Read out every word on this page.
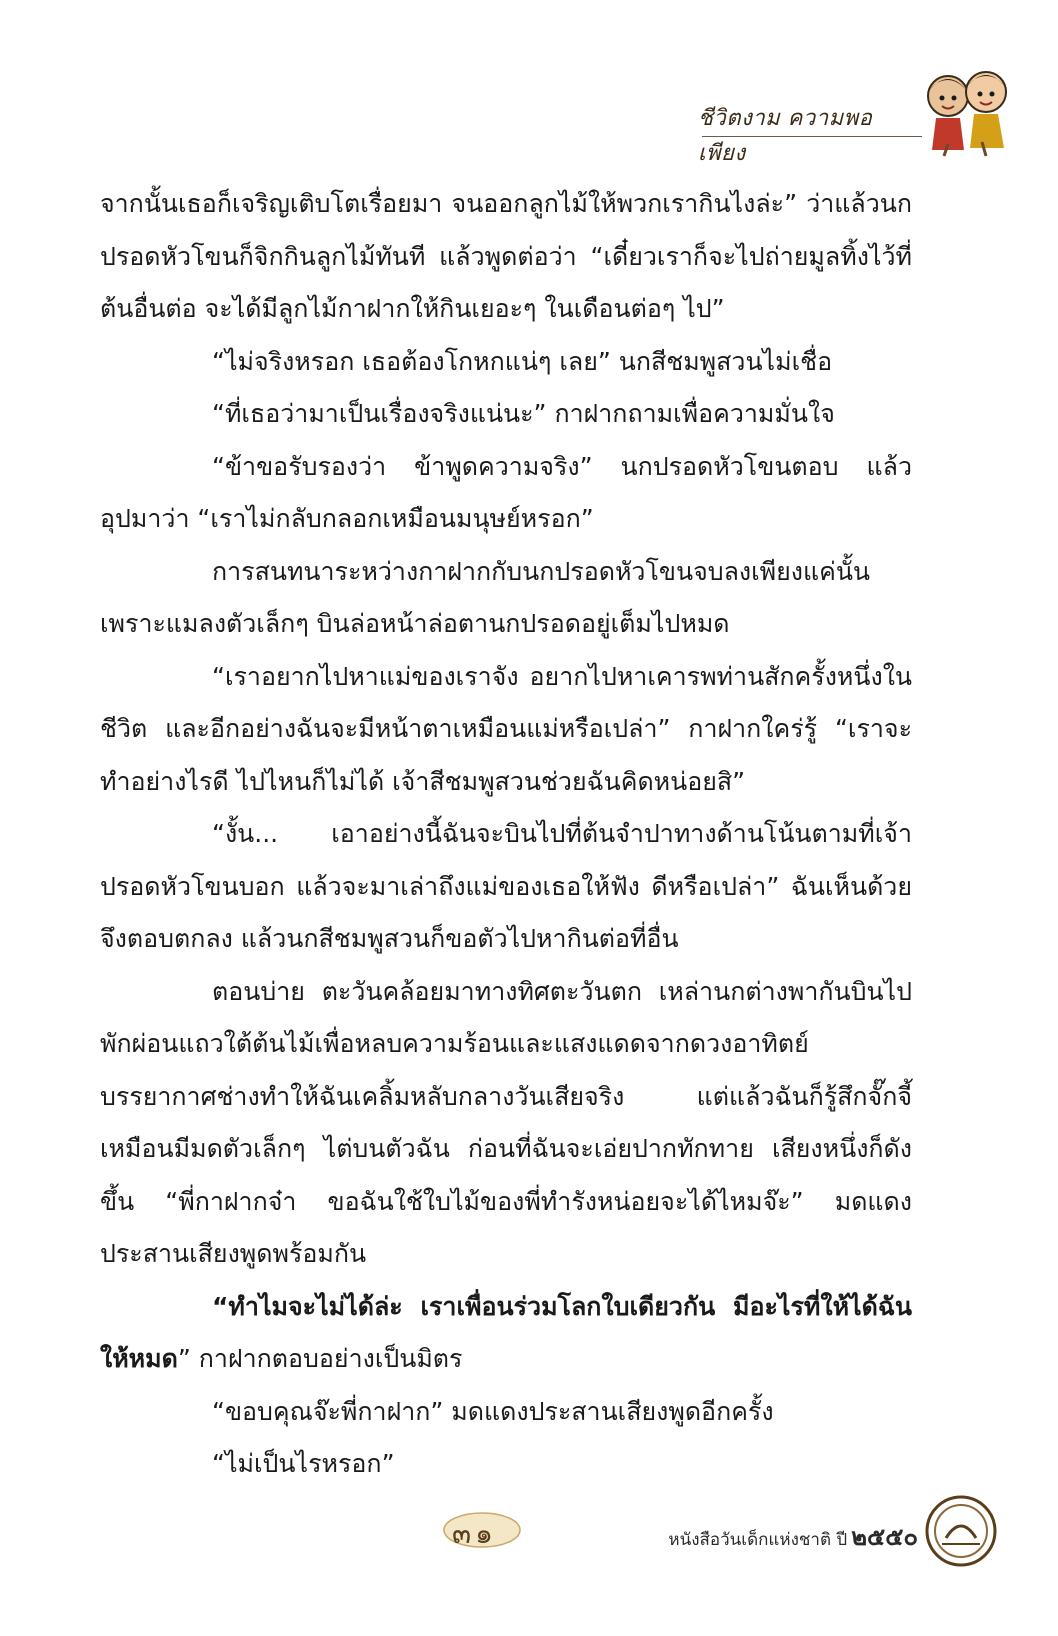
ชีวิตงาม ความพอเพียง

จากนั้นเธอก็เจริญเติบโตเรื่อยมา จนออกลูกไม้ให้พวกเรากินไงล่ะ” ว่าแล้วนกปรอดหัวโขนก็จิกกินลูกไม้ทันที แล้วพูดต่อว่า “เดี๋ยวเราก็จะไปถ่ายมูลทิ้งไว้ที่ต้นอื่นต่อ จะได้มีลูกไม้กาฝากให้กินเยอะๆ ในเดือนต่อๆ ไป”

“ไม่จริงหรอก เธอต้องโกหกแน่ๆ เลย” นกสีชมพูสวนไม่เชื่อ

“ที่เธอว่ามาเป็นเรื่องจริงแน่นะ” กาฝากถามเพื่อความมั่นใจ

“ข้าขอรับรองว่า ข้าพูดความจริง” นกปรอดหัวโขนตอบ แล้วอุปมาว่า “เราไม่กลับกลอกเหมือนมนุษย์หรอก”

การสนทนาระหว่างกาฝากกับนกปรอดหัวโขนจบลงเพียงแค่นั้นเพราะแมลงตัวเล็กๆ บินล่อหน้าล่อตานกปรอดอยู่เต็มไปหมด

“เราอยากไปหาแม่ของเราจัง อยากไปหาเคารพท่านสักครั้งหนึ่งในชีวิต และอีกอย่างฉันจะมีหน้าตาเหมือนแม่หรือเปล่า” กาฝากใคร่รู้ “เราจะทำอย่างไรดี ไปไหนก็ไม่ได้ เจ้าสีชมพูสวนช่วยฉันคิดหน่อยสิ”

“งั้น... เอาอย่างนี้ฉันจะบินไปที่ต้นจำปาทางด้านโน้นตามที่เจ้าปรอดหัวโขนบอก แล้วจะมาเล่าถึงแม่ของเธอให้ฟัง ดีหรือเปล่า” ฉันเห็นด้วยจึงตอบตกลง แล้วนกสีชมพูสวนก็ขอตัวไปหากินต่อที่อื่น

ตอนบ่าย ตะวันคล้อยมาทางทิศตะวันตก เหล่านกต่างพากันบินไปพักผ่อนแถวใต้ต้นไม้เพื่อหลบความร้อนและแสงแดดจากดวงอาทิตย์ บรรยากาศช่างทำให้ฉันเคลิ้มหลับกลางวันเสียจริง แต่แล้วฉันก็รู้สึกจั๊กจี้ เหมือนมีมดตัวเล็กๆ ไต่บนตัวฉัน ก่อนที่ฉันจะเอ่ยปากทักทาย เสียงหนึ่งก็ดังขึ้น “พี่กาฝากจ๋า ขอฉันใช้ใบไม้ของพี่ทำรังหน่อยจะได้ไหมจ๊ะ” มดแดงประสานเสียงพูดพร้อมกัน

“ทำไมจะไม่ได้ล่ะ เราเพื่อนร่วมโลกใบเดียวกัน มีอะไรที่ให้ได้ฉันให้หมด” กาฝากตอบอย่างเป็นมิตร

“ขอบคุณจ๊ะพี่กาฝาก” มดแดงประสานเสียงพูดอีกครั้ง

“ไม่เป็นไรหรอก”

๓๑	หนังสือวันเด็กแห่งชาติ ปี ๒๕๕๐
